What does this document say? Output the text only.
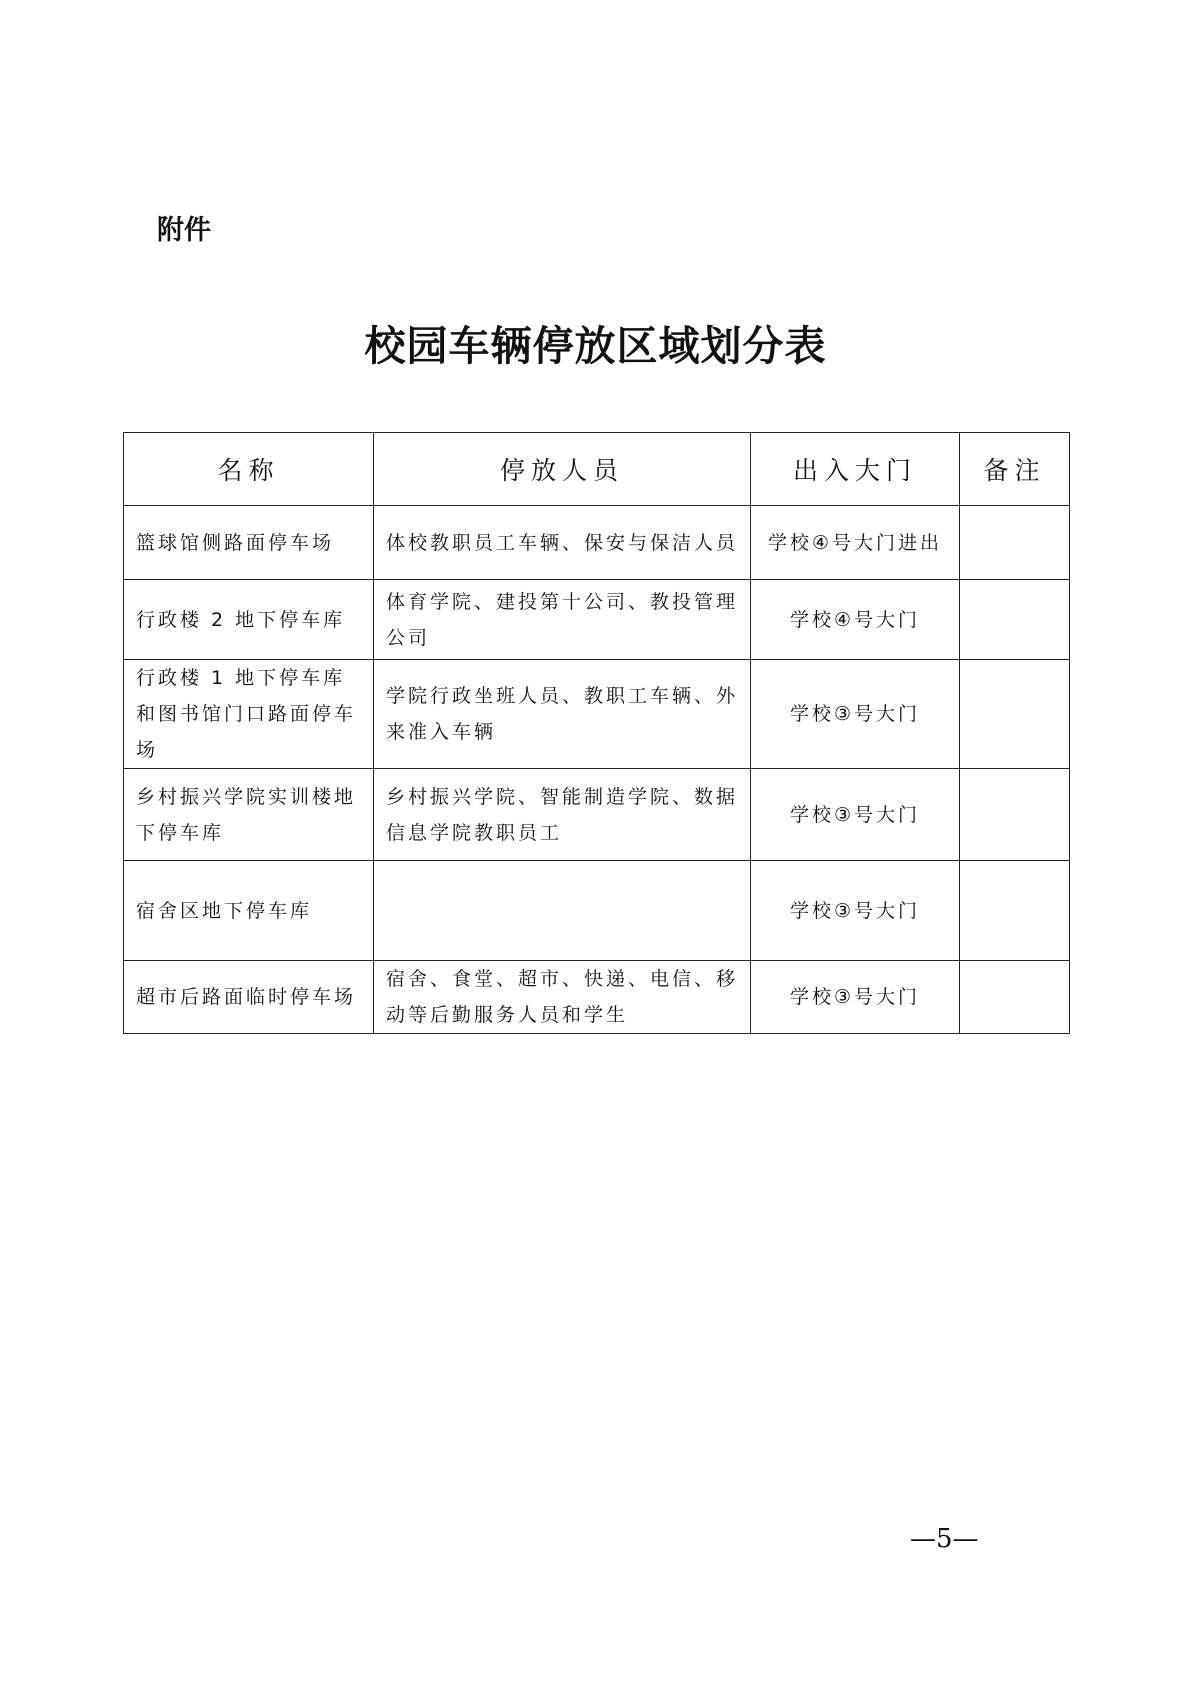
附件
校园车辆停放区域划分表
名称	停放人员	出入大门	备注
篮球馆侧路面停车场	体校教职员工车辆、保安与保洁人员	学校④号大门进出	
行政楼 2 地下停车库	体育学院、建投第十公司、教投管理公司	学校④号大门	
行政楼 1 地下停车库和图书馆门口路面停车场	学院行政坐班人员、教职工车辆、外来准入车辆	学校③号大门	
乡村振兴学院实训楼地下停车库	乡村振兴学院、智能制造学院、数据信息学院教职员工	学校③号大门	
宿舍区地下停车库		学校③号大门	
超市后路面临时停车场	宿舍、食堂、超市、快递、电信、移动等后勤服务人员和学生	学校③号大门	
—5—
